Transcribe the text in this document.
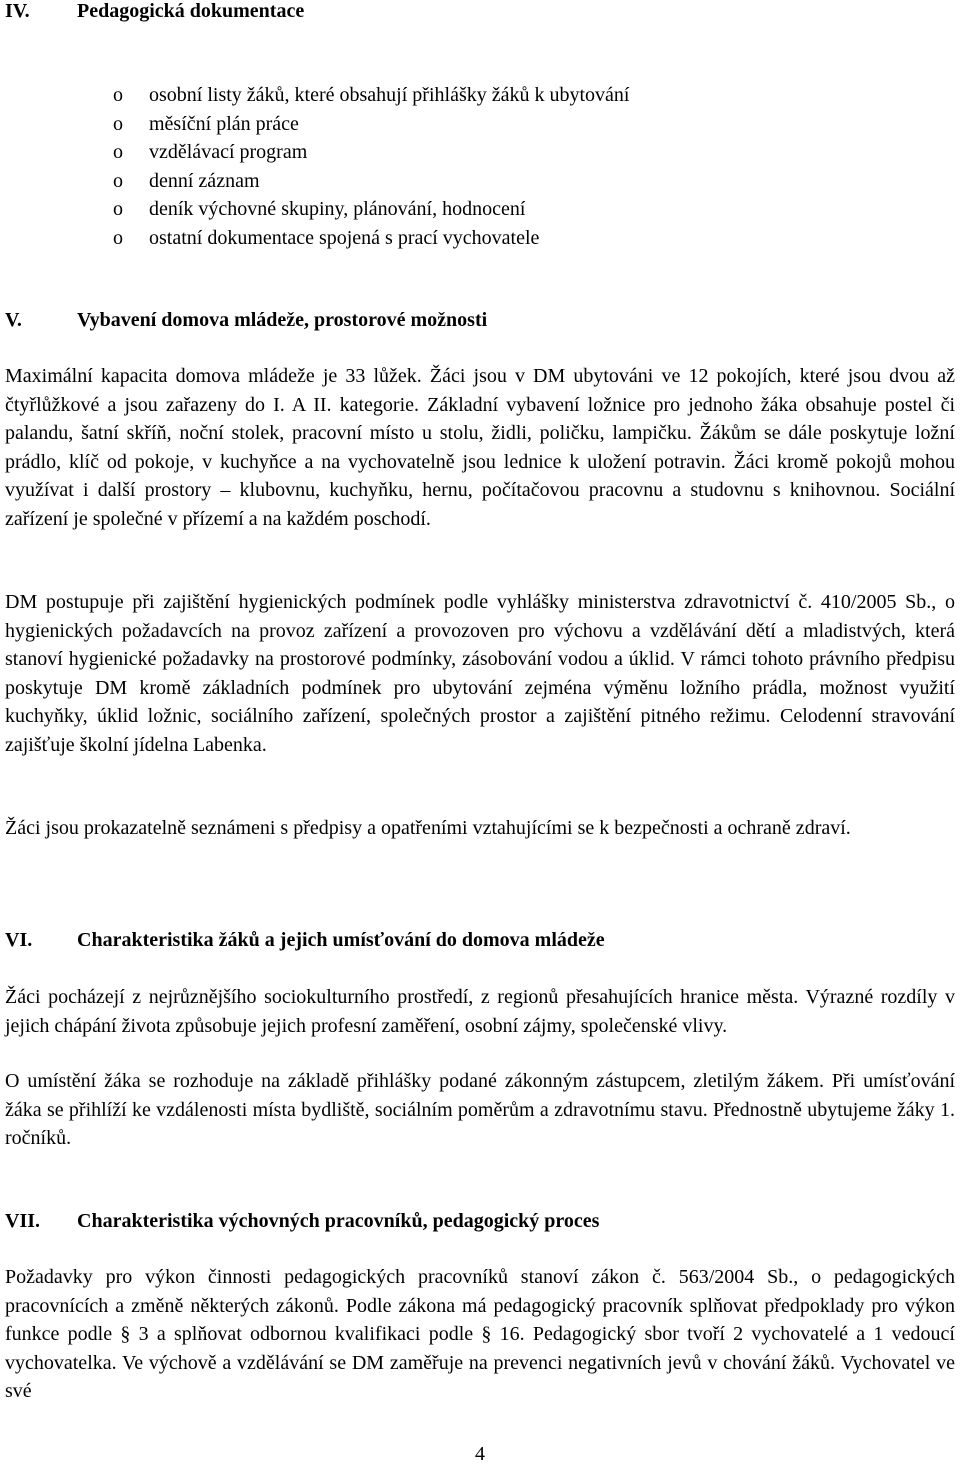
IV.	Pedagogická dokumentace
o	osobní listy žáků, které obsahují přihlášky žáků k ubytování
o	měsíční plán práce
o	vzdělávací program
o	denní záznam
o	deník výchovné skupiny, plánování, hodnocení
o	ostatní dokumentace spojená s prací vychovatele
V.	Vybavení domova mládeže, prostorové možnosti

Maximální kapacita domova mládeže je 33 lůžek. Žáci jsou v DM ubytováni ve 12 pokojích, které jsou dvou až čtyřlůžkové a jsou zařazeny do I. A II. kategorie. Základní vybavení ložnice pro jednoho žáka obsahuje postel či palandu, šatní skříň, noční stolek, pracovní místo u stolu, židli, poličku, lampičku. Žákům se dále poskytuje ložní prádlo, klíč od pokoje, v kuchyňce a na vychovatelně jsou lednice k uložení potravin. Žáci kromě pokojů mohou využívat i další prostory – klubovnu, kuchyňku, hernu, počítačovou pracovnu a studovnu s knihovnou. Sociální zařízení je společné v přízemí a na každém poschodí.

DM postupuje při zajištění hygienických podmínek podle vyhlášky ministerstva zdravotnictví č. 410/2005 Sb., o hygienických požadavcích na provoz zařízení a provozoven pro výchovu a vzdělávání dětí a mladistvých, která stanoví hygienické požadavky na prostorové podmínky, zásobování vodou a úklid. V rámci tohoto právního předpisu poskytuje DM kromě základních podmínek pro ubytování zejména výměnu ložního prádla, možnost využití kuchyňky, úklid ložnic, sociálního zařízení, společných prostor a zajištění pitného režimu. Celodenní stravování zajišťuje školní jídelna Labenka.

Žáci jsou prokazatelně seznámeni s předpisy a opatřeními vztahujícími se k bezpečnosti a ochraně zdraví.

VI.	Charakteristika žáků a jejich umísťování do domova mládeže

Žáci pocházejí z nejrůznějšího sociokulturního prostředí, z regionů přesahujících hranice města. Výrazné rozdíly v jejich chápání života způsobuje jejich profesní zaměření, osobní zájmy, společenské vlivy.

O umístění žáka se rozhoduje na základě přihlášky podané zákonným zástupcem, zletilým žákem. Při umísťování žáka se přihlíží ke vzdálenosti místa bydliště, sociálním poměrům a zdravotnímu stavu. Přednostně ubytujeme žáky 1. ročníků.

VII.	Charakteristika výchovných pracovníků, pedagogický proces

Požadavky pro výkon činnosti pedagogických pracovníků stanoví zákon č. 563/2004 Sb., o pedagogických pracovnících a změně některých zákonů. Podle zákona má pedagogický pracovník splňovat předpoklady pro výkon funkce podle § 3 a splňovat odbornou kvalifikaci podle § 16. Pedagogický sbor tvoří 2 vychovatelé a 1 vedoucí vychovatelka. Ve výchově a vzdělávání se DM zaměřuje na prevenci negativních jevů v chování žáků. Vychovatel ve své

4
